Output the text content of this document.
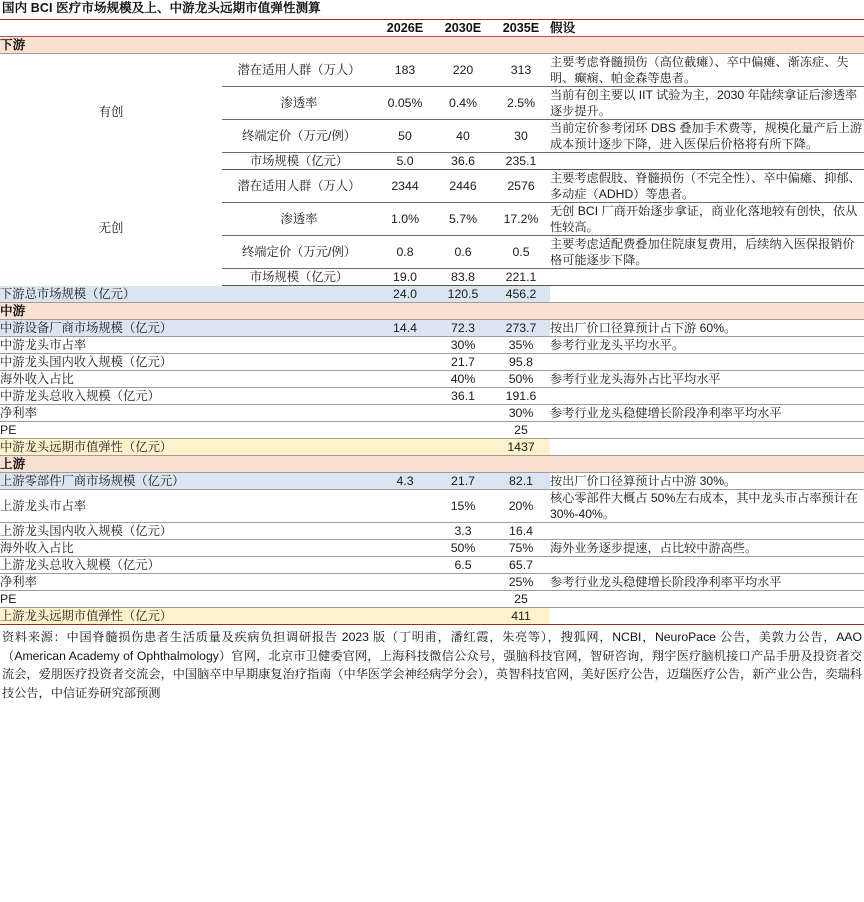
国内 BCI 医疗市场规模及上、中游龙头远期市值弹性测算
		2026E	2030E	2035E	假设
下游					
有创	潜在适用人群（万人）	183	220	313	主要考虑脊髓损伤（高位截瘫）、卒中偏瘫、渐冻症、失明、癫痫、帕金森等患者。
	渗透率	0.05%	0.4%	2.5%	当前有创主要以 IIT 试验为主，2030 年陆续拿证后渗透率逐步提升。
	终端定价（万元/例）	50	40	30	当前定价参考闭环 DBS 叠加手术费等，规模化量产后上游成本预计逐步下降，进入医保后价格将有所下降。
	市场规模（亿元）	5.0	36.6	235.1	
无创	潜在适用人群（万人）	2344	2446	2576	主要考虑假肢、脊髓损伤（不完全性）、卒中偏瘫、抑郁、多动症（ADHD）等患者。
	渗透率	1.0%	5.7%	17.2%	无创 BCI 厂商开始逐步拿证，商业化落地较有创快，依从性较高。
	终端定价（万元/例）	0.8	0.6	0.5	主要考虑适配费叠加住院康复费用，后续纳入医保报销价格可能逐步下降。
	市场规模（亿元）	19.0	83.8	221.1	
下游总市场规模（亿元）		24.0	120.5	456.2	
中游					
中游设备厂商市场规模（亿元）		14.4	72.3	273.7	按出厂价口径算预计占下游 60%。
中游龙头市占率			30%	35%	参考行业龙头平均水平。
中游龙头国内收入规模（亿元）			21.7	95.8	
海外收入占比			40%	50%	参考行业龙头海外占比平均水平
中游龙头总收入规模（亿元）			36.1	191.6	
净利率				30%	参考行业龙头稳健增长阶段净利率平均水平
PE				25	
中游龙头远期市值弹性（亿元）				1437	
上游					
上游零部件厂商市场规模（亿元）		4.3	21.7	82.1	按出厂价口径算预计占中游 30%。
上游龙头市占率			15%	20%	核心零部件大概占 50%左右成本，其中龙头市占率预计在 30%-40%。
上游龙头国内收入规模（亿元）			3.3	16.4	
海外收入占比			50%	75%	海外业务逐步提速，占比较中游高些。
上游龙头总收入规模（亿元）			6.5	65.7	
净利率				25%	参考行业龙头稳健增长阶段净利率平均水平
PE				25	
上游龙头远期市值弹性（亿元）				411	
资料来源：中国脊髓损伤患者生活质量及疾病负担调研报告 2023 版（丁明甫，潘红霞，朱亮等），搜狐网，NCBI，NeuroPace 公告，美敦力公告，AAO（American Academy of Ophthalmology）官网，北京市卫健委官网，上海科技微信公众号，强脑科技官网，智研咨询，翔宇医疗脑机接口产品手册及投资者交流会，爱朋医疗投资者交流会，中国脑卒中早期康复治疗指南（中华医学会神经病学分会），英智科技官网，美好医疗公告，迈瑞医疗公告，新产业公告，奕瑞科技公告，中信证券研究部预测
